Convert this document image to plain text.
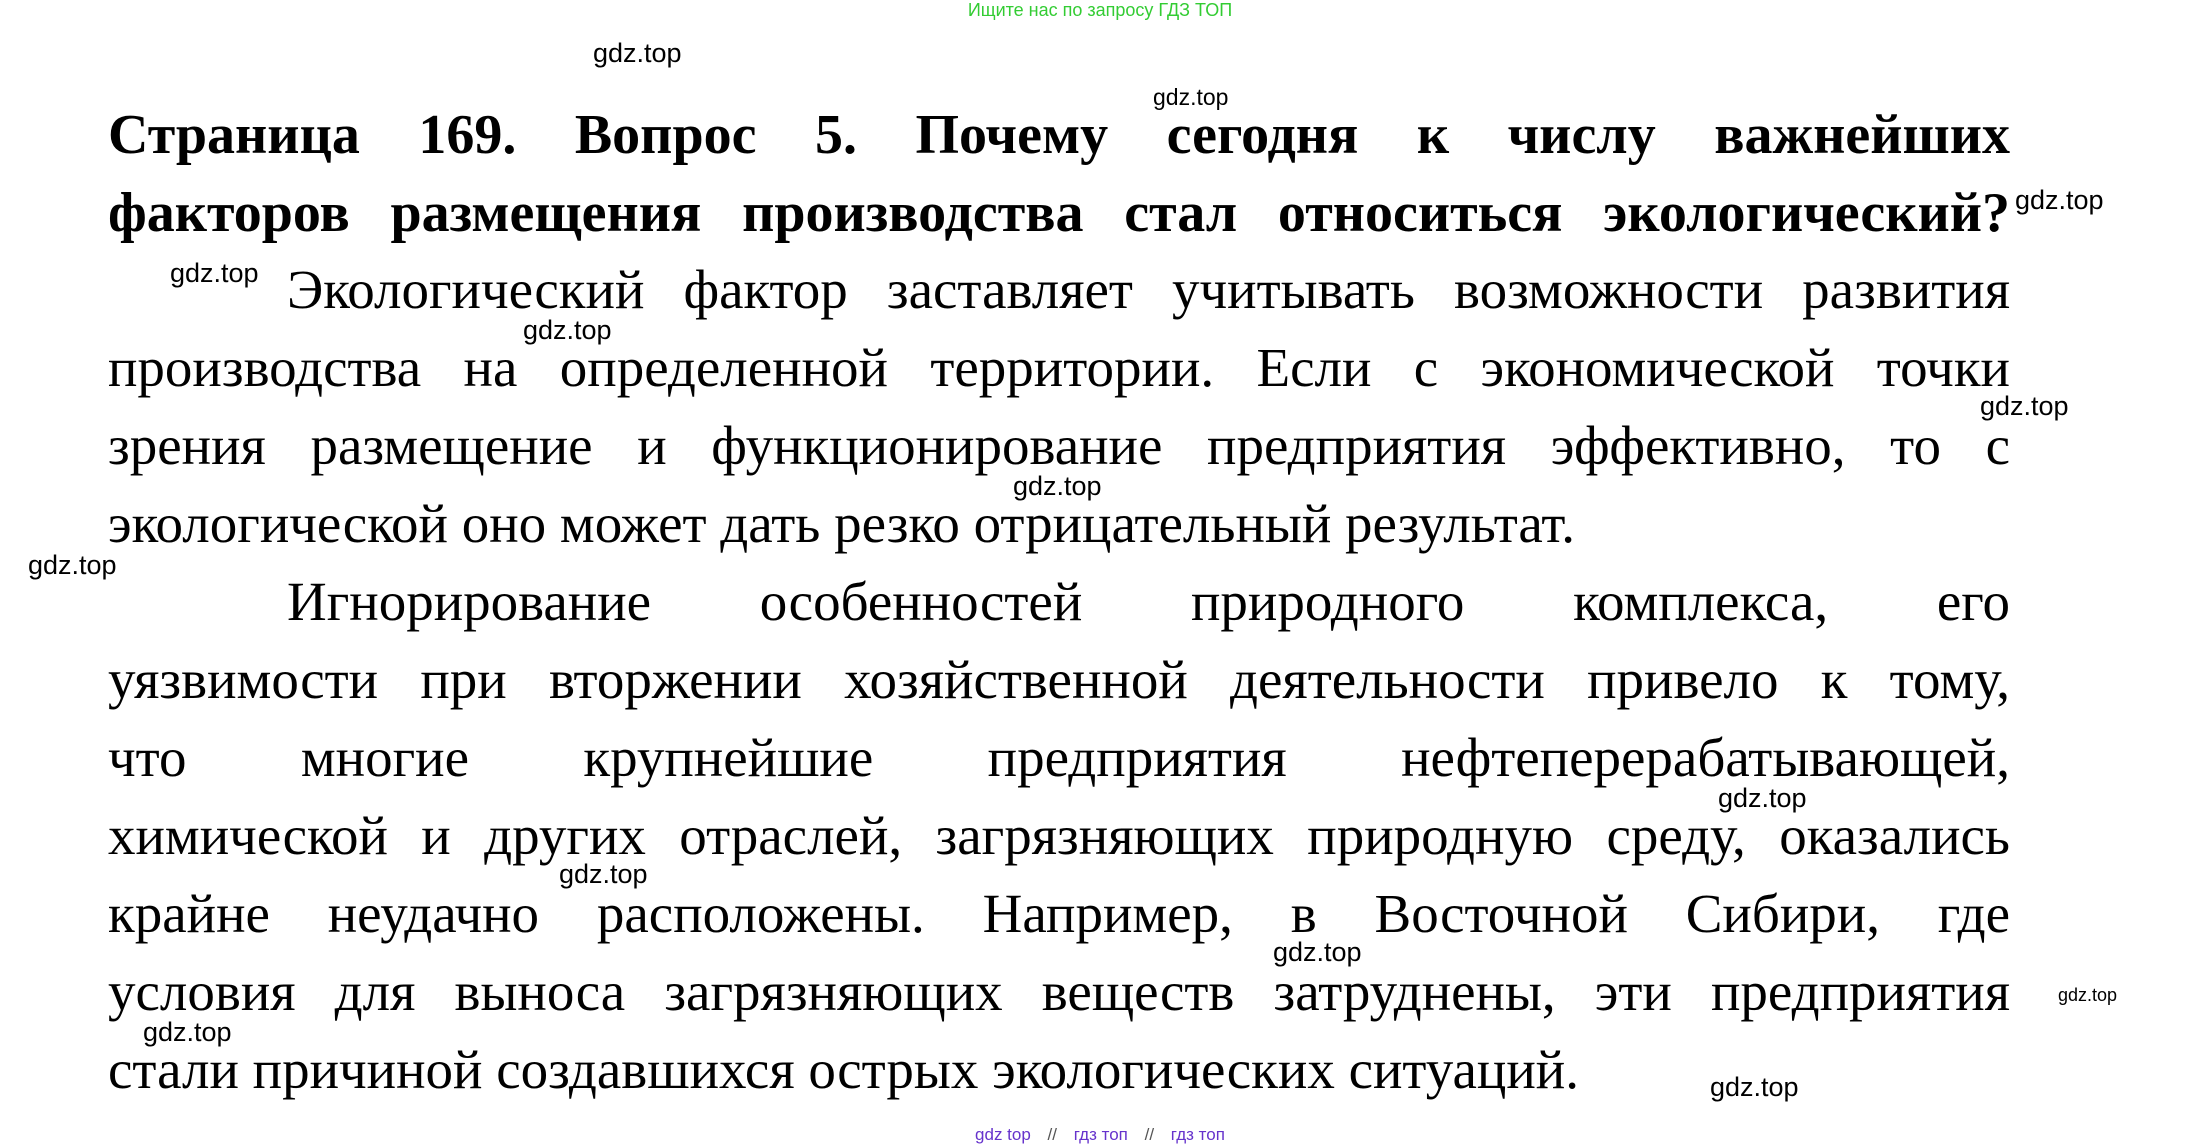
Ищите нас по запросу ГДЗ ТОП
Страница 169. Вопрос 5. Почему сегодня к числу важнейших
факторов размещения производства стал относиться экологический?
Экологический фактор заставляет учитывать возможности развития
производства на определенной территории. Если с экономической точки
зрения размещение и функционирование предприятия эффективно, то с
экологической оно может дать резко отрицательный результат.
Игнорирование особенностей природного комплекса, его
уязвимости при вторжении хозяйственной деятельности привело к тому,
что многие крупнейшие предприятия нефтеперерабатывающей,
химической и других отраслей, загрязняющих природную среду, оказались
крайне неудачно расположены. Например, в Восточной Сибири, где
условия для выноса загрязняющих веществ затруднены, эти предприятия
стали причиной создавшихся острых экологических ситуаций.
gdz.top
gdz.top
gdz.top
gdz.top
gdz.top
gdz.top
gdz.top
gdz.top
gdz.top
gdz.top
gdz.top
gdz.top
gdz.top
gdz.top
gdz top // гдз топ // гдз топ
